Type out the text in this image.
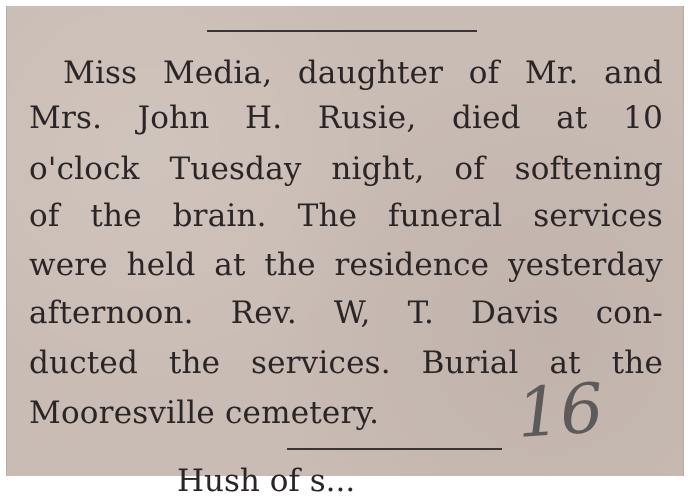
Miss Media, daughter of Mr. and
Mrs. John H. Rusie, died at 10
o'clock Tuesday night, of softening
of the brain. The funeral services
were held at the residence yesterday
afternoon. Rev. W, T. Davis con-
ducted the services. Burial at the
Mooresville cemetery. 16
Hush of s...
